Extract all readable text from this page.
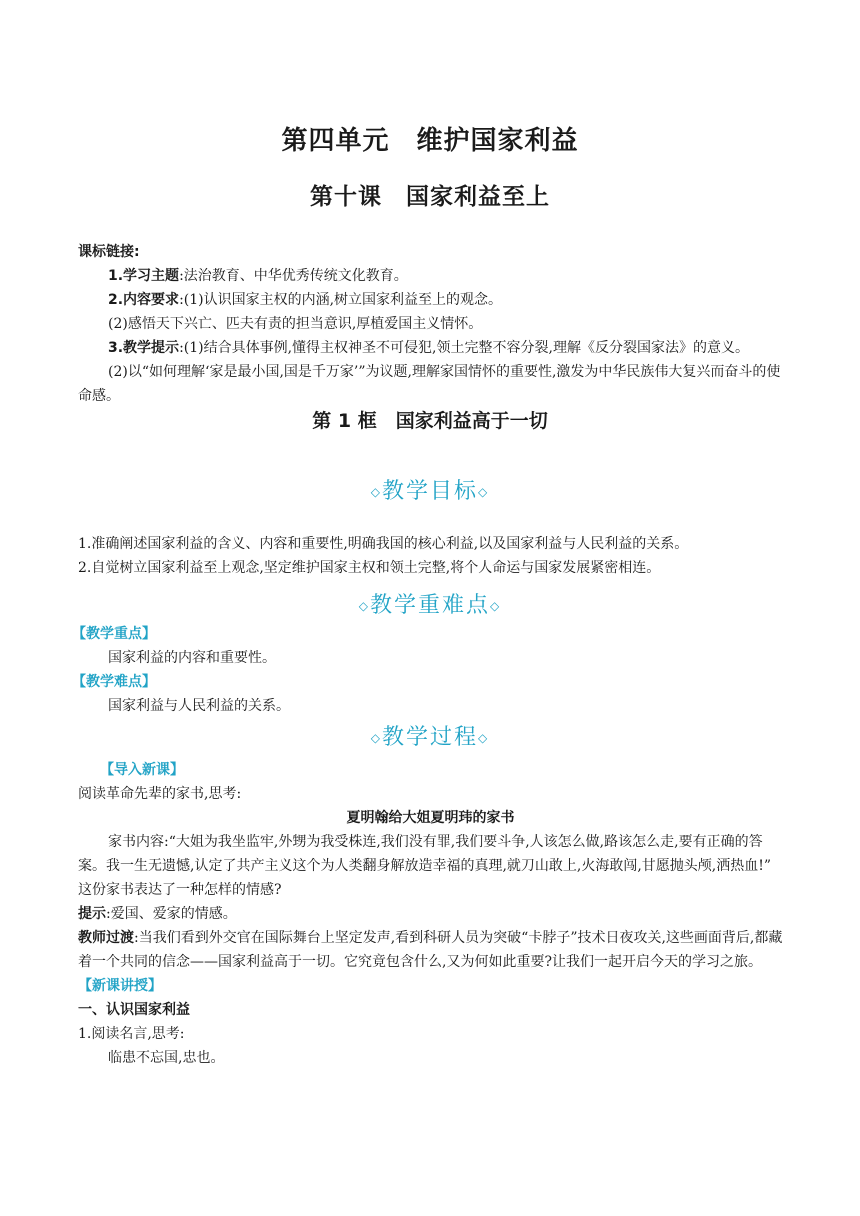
第四单元　维护国家利益
第十课　国家利益至上

课标链接:

1.学习主题:法治教育、中华优秀传统文化教育。

2.内容要求:(1)认识国家主权的内涵,树立国家利益至上的观念。

(2)感悟天下兴亡、匹夫有责的担当意识,厚植爱国主义情怀。

3.教学提示:(1)结合具体事例,懂得主权神圣不可侵犯,领土完整不容分裂,理解《反分裂国家法》的意义。

(2)以“如何理解‘家是最小国,国是千万家’”为议题,理解家国情怀的重要性,激发为中华民族伟大复兴而奋斗的使命感。

第 1 框　国家利益高于一切
◇教学目标◇

1.准确阐述国家利益的含义、内容和重要性,明确我国的核心利益,以及国家利益与人民利益的关系。

2.自觉树立国家利益至上观念,坚定维护国家主权和领土完整,将个人命运与国家发展紧密相连。

◇教学重难点◇

【教学重点】

国家利益的内容和重要性。

【教学难点】

国家利益与人民利益的关系。

◇教学过程◇

【导入新课】

阅读革命先辈的家书,思考:

夏明翰给大姐夏明玮的家书

家书内容:“大姐为我坐监牢,外甥为我受株连,我们没有罪,我们要斗争,人该怎么做,路该怎么走,要有正确的答案。我一生无遗憾,认定了共产主义这个为人类翻身解放造幸福的真理,就刀山敢上,火海敢闯,甘愿抛头颅,洒热血!”

这份家书表达了一种怎样的情感?

提示:爱国、爱家的情感。

教师过渡:当我们看到外交官在国际舞台上坚定发声,看到科研人员为突破“卡脖子”技术日夜攻关,这些画面背后,都藏着一个共同的信念——国家利益高于一切。它究竟包含什么,又为何如此重要?让我们一起开启今天的学习之旅。

【新课讲授】

一、认识国家利益

1.阅读名言,思考:

临患不忘国,忠也。
